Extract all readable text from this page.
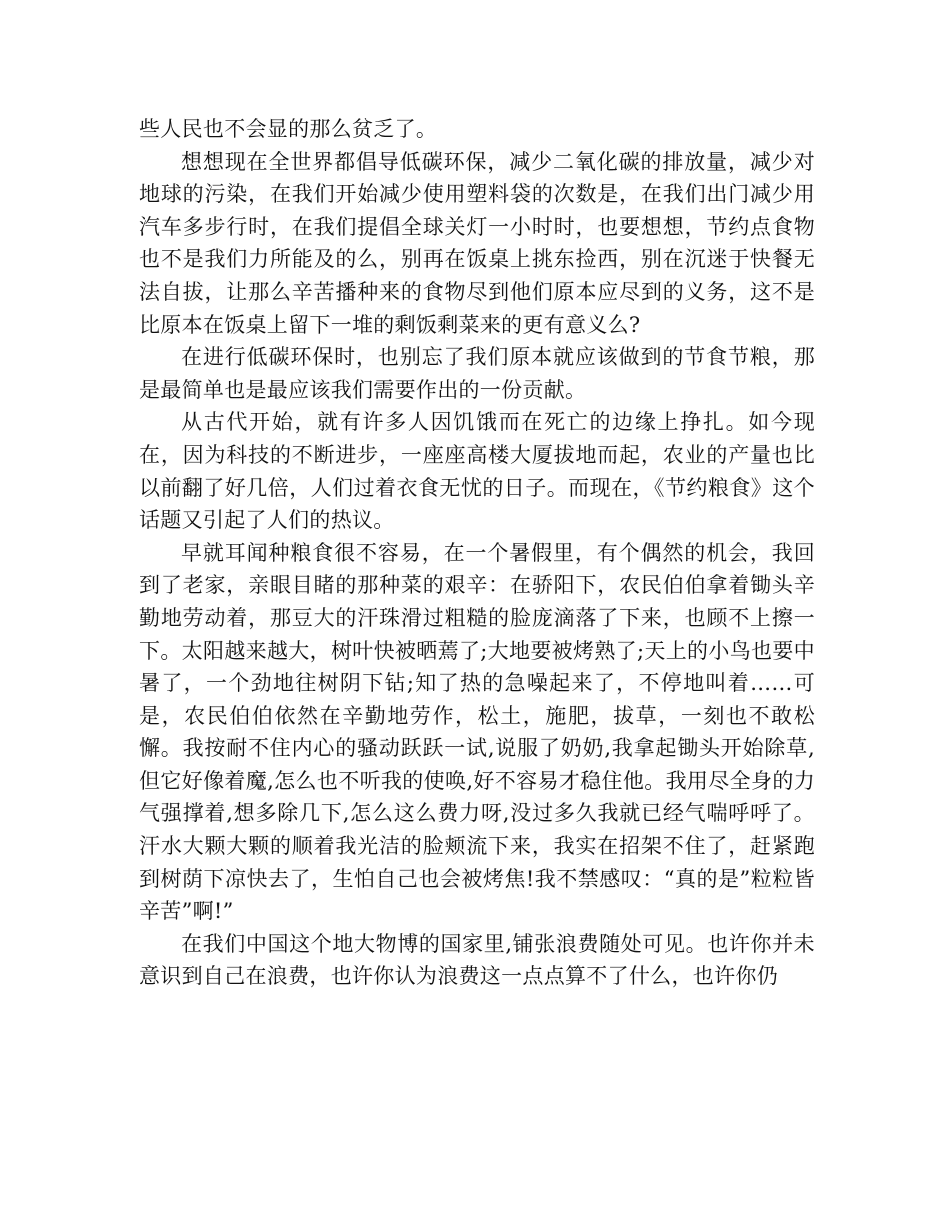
些人民也不会显的那么贫乏了。

想想现在全世界都倡导低碳环保，减少二氧化碳的排放量，减少对地球的污染，在我们开始减少使用塑料袋的次数是，在我们出门减少用汽车多步行时，在我们提倡全球关灯一小时时，也要想想，节约点食物也不是我们力所能及的么，别再在饭桌上挑东捡西，别在沉迷于快餐无法自拔，让那么辛苦播种来的食物尽到他们原本应尽到的义务，这不是比原本在饭桌上留下一堆的剩饭剩菜来的更有意义么?

在进行低碳环保时，也别忘了我们原本就应该做到的节食节粮，那是最简单也是最应该我们需要作出的一份贡献。

从古代开始，就有许多人因饥饿而在死亡的边缘上挣扎。如今现在，因为科技的不断进步，一座座高楼大厦拔地而起，农业的产量也比以前翻了好几倍，人们过着衣食无忧的日子。而现在，《节约粮食》这个话题又引起了人们的热议。

早就耳闻种粮食很不容易，在一个暑假里，有个偶然的机会，我回到了老家，亲眼目睹的那种菜的艰辛：在骄阳下，农民伯伯拿着锄头辛勤地劳动着，那豆大的汗珠滑过粗糙的脸庞滴落了下来，也顾不上擦一下。太阳越来越大，树叶快被晒蔫了;大地要被烤熟了;天上的小鸟也要中暑了，一个劲地往树阴下钻;知了热的急噪起来了，不停地叫着……可是，农民伯伯依然在辛勤地劳作，松土，施肥，拔草，一刻也不敢松懈。我按耐不住内心的骚动跃跃一试,说服了奶奶,我拿起锄头开始除草,但它好像着魔,怎么也不听我的使唤,好不容易才稳住他。我用尽全身的力气强撑着,想多除几下,怎么这么费力呀,没过多久我就已经气喘呼呼了。汗水大颗大颗的顺着我光洁的脸颊流下来，我实在招架不住了，赶紧跑到树荫下凉快去了，生怕自己也会被烤焦!我不禁感叹：“真的是”粒粒皆辛苦”啊!”

在我们中国这个地大物博的国家里,铺张浪费随处可见。也许你并未意识到自己在浪费，也许你认为浪费这一点点算不了什么，也许你仍
